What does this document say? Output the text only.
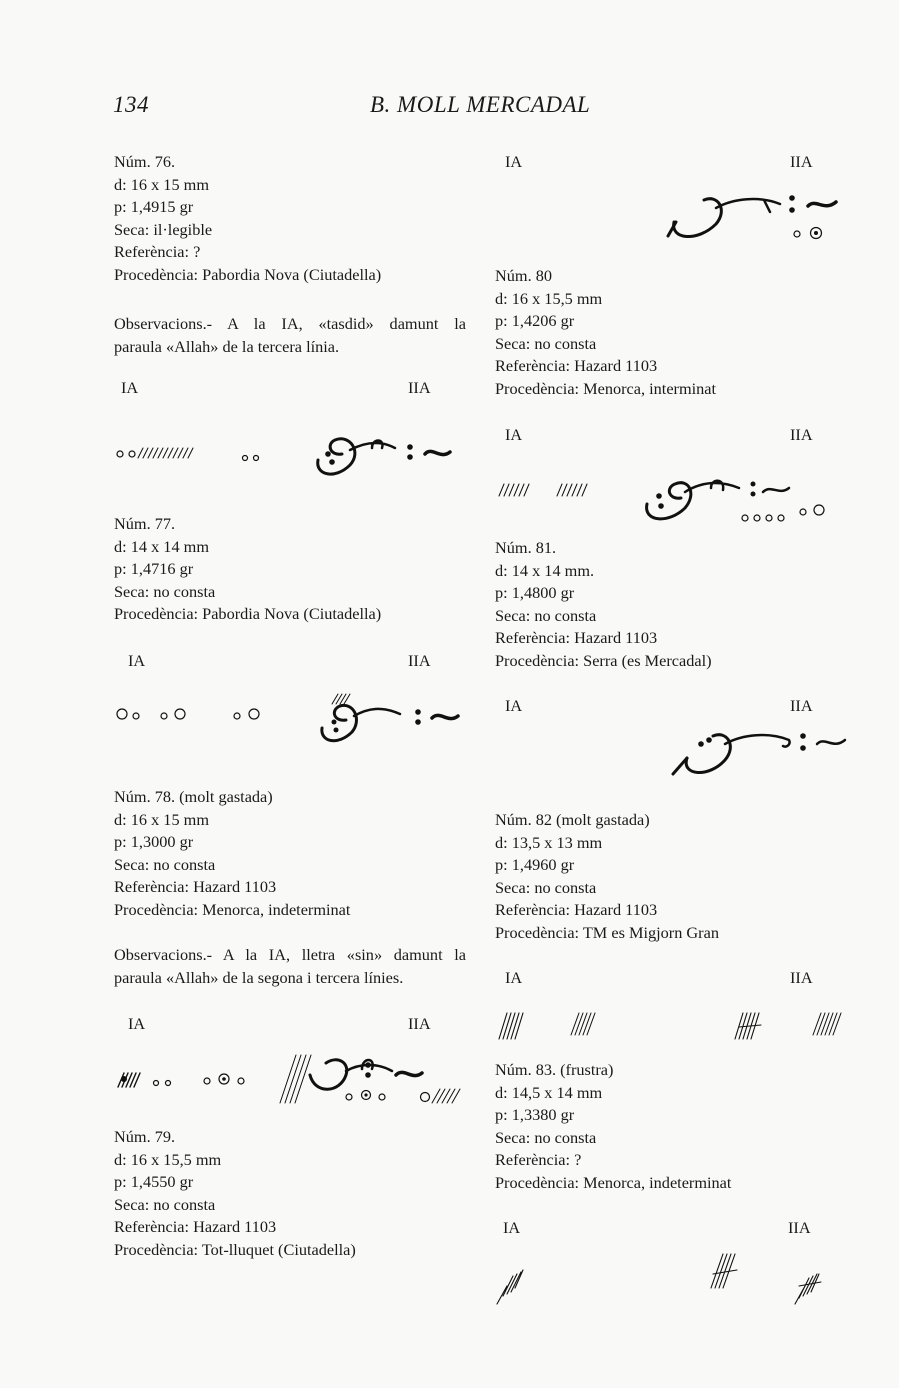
134	B. MOLL MERCADAL
Núm. 76.
d: 16 x 15 mm
p: 1,4915 gr
Seca: il·legible
Referència: ?
Procedència: Pabordia Nova (Ciutadella)
Observacions.- A la IA, «tasdid» damunt la
paraula «Allah» de la tercera línia.
IA	IIA
Núm. 77.
d: 14 x 14 mm
p: 1,4716 gr
Seca: no consta
Procedència: Pabordia Nova (Ciutadella)
IA	IIA
Núm. 78. (molt gastada)
d: 16 x 15 mm
p: 1,3000 gr
Seca: no consta
Referència: Hazard 1103
Procedència: Menorca, indeterminat
Observacions.- A la IA, lletra «sin» damunt la
paraula «Allah» de la segona i tercera línies.
IA	IIA
Núm. 79.
d: 16 x 15,5 mm
p: 1,4550 gr
Seca: no consta
Referència: Hazard 1103
Procedència: Tot-lluquet (Ciutadella)
IA	IIA
Núm. 80
d: 16 x 15,5 mm
p: 1,4206 gr
Seca: no consta
Referència: Hazard 1103
Procedència: Menorca, interminat
IA	IIA
Núm. 81.
d: 14 x 14 mm.
p: 1,4800 gr
Seca: no consta
Referència: Hazard 1103
Procedència: Serra (es Mercadal)
IA	IIA
Núm. 82 (molt gastada)
d: 13,5 x 13 mm
p: 1,4960 gr
Seca: no consta
Referència: Hazard 1103
Procedència: TM es Migjorn Gran
IA	IIA
Núm. 83. (frustra)
d: 14,5 x 14 mm
p: 1,3380 gr
Seca: no consta
Referència: ?
Procedència: Menorca, indeterminat
IA	IIA
